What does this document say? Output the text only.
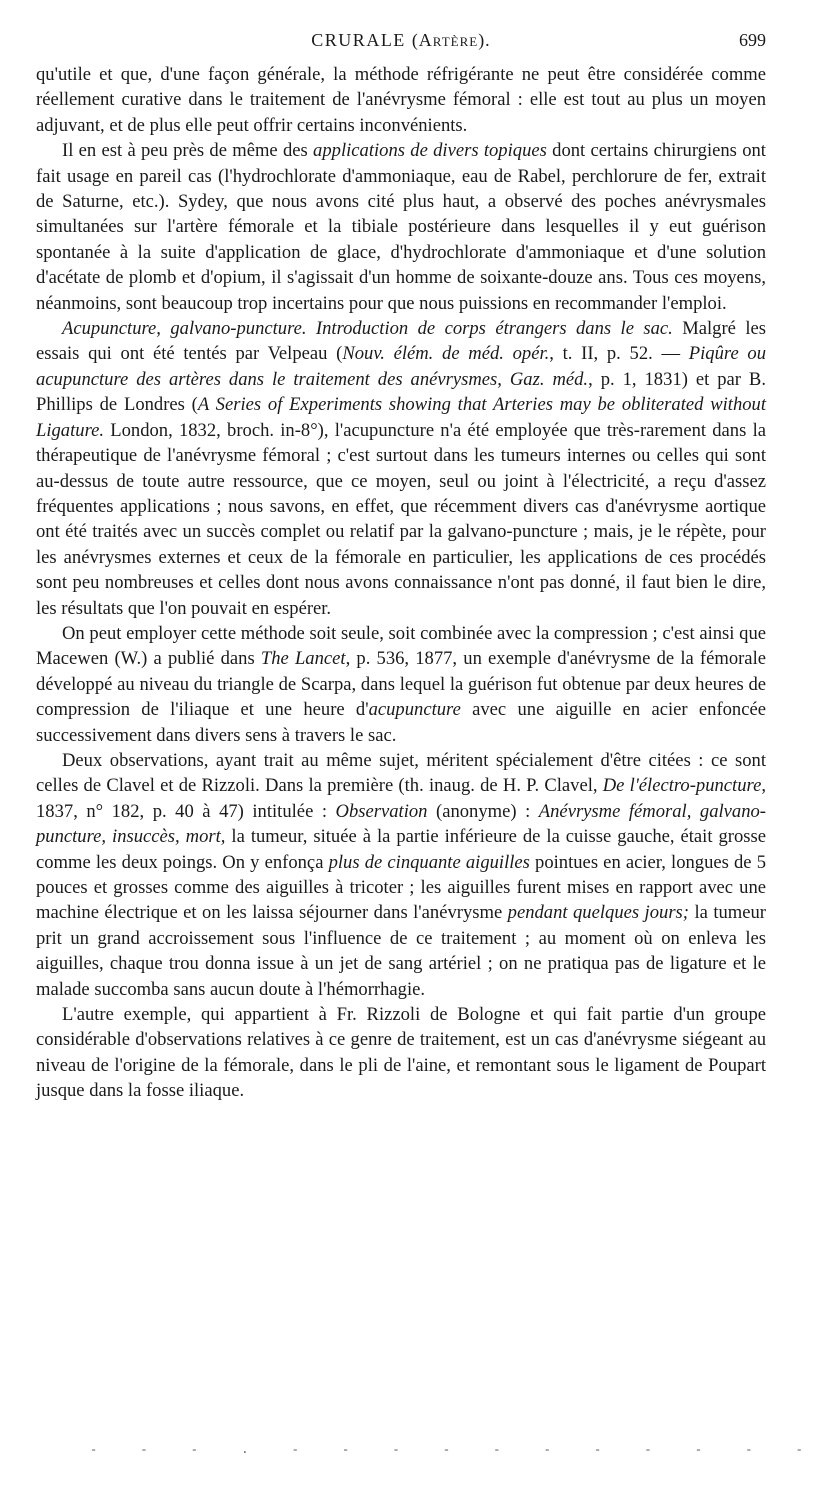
CRURALE (Artère).	699

qu'utile et que, d'une façon générale, la méthode réfrigérante ne peut être considérée comme réellement curative dans le traitement de l'anévrysme fémoral : elle est tout au plus un moyen adjuvant, et de plus elle peut offrir certains inconvénients.

Il en est à peu près de même des applications de divers topiques dont certains chirurgiens ont fait usage en pareil cas (l'hydrochlorate d'ammoniaque, eau de Rabel, perchlorure de fer, extrait de Saturne, etc.). Sydey, que nous avons cité plus haut, a observé des poches anévrysmales simultanées sur l'artère fémorale et la tibiale postérieure dans lesquelles il y eut guérison spontanée à la suite d'application de glace, d'hydrochlorate d'ammoniaque et d'une solution d'acétate de plomb et d'opium, il s'agissait d'un homme de soixante-douze ans. Tous ces moyens, néanmoins, sont beaucoup trop incertains pour que nous puissions en recommander l'emploi.

Acupuncture, galvano-puncture. Introduction de corps étrangers dans le sac. Malgré les essais qui ont été tentés par Velpeau (Nouv. élém. de méd. opér., t. II, p. 52. — Piqûre ou acupuncture des artères dans le traitement des anévrysmes, Gaz. méd., p. 1, 1831) et par B. Phillips de Londres (A Series of Experiments showing that Arteries may be obliterated without Ligature. London, 1832, broch. in-8°), l'acupuncture n'a été employée que très-rarement dans la thérapeutique de l'anévrysme fémoral ; c'est surtout dans les tumeurs internes ou celles qui sont au-dessus de toute autre ressource, que ce moyen, seul ou joint à l'électricité, a reçu d'assez fréquentes applications ; nous savons, en effet, que récemment divers cas d'anévrysme aortique ont été traités avec un succès complet ou relatif par la galvano-puncture ; mais, je le répète, pour les anévrysmes externes et ceux de la fémorale en particulier, les applications de ces procédés sont peu nombreuses et celles dont nous avons connaissance n'ont pas donné, il faut bien le dire, les résultats que l'on pouvait en espérer.

On peut employer cette méthode soit seule, soit combinée avec la compression ; c'est ainsi que Macewen (W.) a publié dans The Lancet, p. 536, 1877, un exemple d'anévrysme de la fémorale développé au niveau du triangle de Scarpa, dans lequel la guérison fut obtenue par deux heures de compression de l'iliaque et une heure d'acupuncture avec une aiguille en acier enfoncée successivement dans divers sens à travers le sac.

Deux observations, ayant trait au même sujet, méritent spécialement d'être citées : ce sont celles de Clavel et de Rizzoli. Dans la première (th. inaug. de H. P. Clavel, De l'électro-puncture, 1837, n° 182, p. 40 à 47) intitulée : Observation (anonyme) : Anévrysme fémoral, galvano-puncture, insuccès, mort, la tumeur, située à la partie inférieure de la cuisse gauche, était grosse comme les deux poings. On y enfonça plus de cinquante aiguilles pointues en acier, longues de 5 pouces et grosses comme des aiguilles à tricoter ; les aiguilles furent mises en rapport avec une machine électrique et on les laissa séjourner dans l'anévrysme pendant quelques jours; la tumeur prit un grand accroissement sous l'influence de ce traitement ; au moment où on enleva les aiguilles, chaque trou donna issue à un jet de sang artériel ; on ne pratiqua pas de ligature et le malade succomba sans aucun doute à l'hémorrhagie.

L'autre exemple, qui appartient à Fr. Rizzoli de Bologne et qui fait partie d'un groupe considérable d'observations relatives à ce genre de traitement, est un cas d'anévrysme siégeant au niveau de l'origine de la fémorale, dans le pli de l'aine, et remontant sous le ligament de Poupart jusque dans la fosse iliaque.

- - - . - - - - - - - - - - -
